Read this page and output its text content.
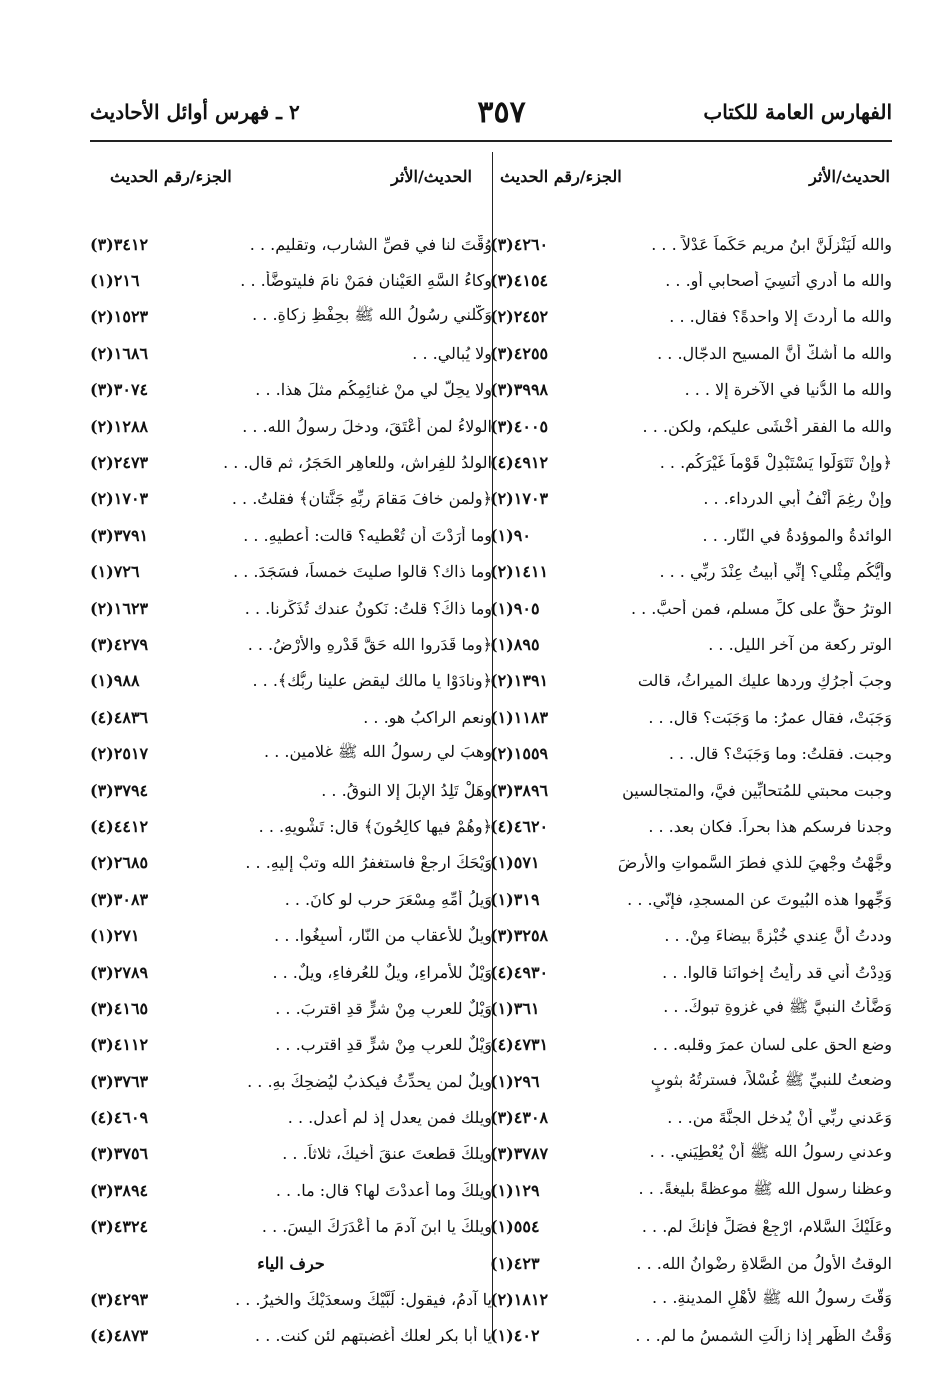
الفهارس العامة للكتاب
٣٥٧
٢ ـ فهرس أوائل الأحاديث
الحديث/الأثر
الجزء/رقم الحديث
والله لَيَنْزِلَنَّ ابنُ مريم حَكَماً عَدْلاً . . .
(٣)٤٢٦٠
والله ما أدري أنَسِيَ أصحابي أو. . .
(٣)٤١٥٤
والله ما أردتَ إلا واحدةً؟ فقال. . .
(٢)٢٤٥٢
والله ما أشكُّ أنَّ المسيح الدجّال. . .
(٣)٤٢٥٥
والله ما الدُّنيا في الآخرة إلا . . .
(٣)٣٩٩٨
والله ما الفقر أخْشَى عليكم، ولكن. . .
(٣)٤٠٠٥
﴿وإنْ تَتَوَلَّوا يَسْتَبْدِلْ قَوْماً غَيْرَكُم. . .
(٤)٤٩١٢
وإنْ رغِمَ أنْفُ أبي الدرداء. . .
(٢)١٧٠٣
الوائدةُ والموؤدةُ في النّار. . .
(١)٩٠
وأيُّكُم مِثْلي؟ إنِّي أبيتُ عِنْدَ ربِّي . . .
(٢)١٤١١
الوترُ حقٌّ على كلِّ مسلم، فمن أحبَّ. . .
(١)٩٠٥
الوتر ركعة من آخر الليل. . .
(١)٨٩٥
وجبَ أجرُكِ وردها عليك الميراثُ، قالت
(٢)١٣٩١
وَجَبَتْ، فقال عمرُ: ما وَجَبَت؟ قال. . .
(١)١١٨٣
وجبت. فقلتُ: وما وَجَبَتْ؟ قال. . .
(٢)١٥٥٩
وجبت محبتي للمُتحابِّين فيَّ، والمتجالسين
(٣)٣٨٩٦
وجدنا فرسكم هذا بحراً. فكان بعد. . .
(٤)٤٦٢٠
وجَّهْتُ وجْهِيَ للذي فطرَ السَّمواتِ والأرضَ
(١)٥٧١
وَجِّهوا هذه البُيوتَ عن المسجدِ، فإنّي. . .
(١)٣١٩
وددتُ أنَّ عِندي خُبْزةً بيضاءَ مِنْ. . .
(٣)٣٢٥٨
وَدِدْتُ أني قد رأيتُ إخوانَنا قالوا. . .
(٤)٤٩٣٠
وَضَّأْتُ النبيَّ ﷺ في غزوةِ تبوكَ. . .
(١)٣٦١
وضع الحق على لسانِ عمرَ وقلبه. . .
(٤)٤٧٣١
وضعتُ للنبيِّ ﷺ غُسْلاً، فسترتُهُ بثوبٍ
(١)٢٩٦
وَعَدني ربِّي أنْ يُدخل الجنَّةَ من. . .
(٣)٤٣٠٨
وعدني رسولُ الله ﷺ أنْ يُعْطِيَني. . .
(٣)٣٧٨٧
وعظنا رسول الله ﷺ موعظةً بليغةً. . .
(١)١٢٩
وعَلَيْكَ السَّلام، ارْجِعْ فصَلِّ فإنكَ لم. . .
(١)٥٥٤
الوقتُ الأولُ من الصَّلاةِ رِضْوانُ الله. . .
(١)٤٢٣
وَقَّتَ رسولُ الله ﷺ لأهْلِ المدينةِ. . .
(٢)١٨١٢
وَقْتُ الظُّهرِ إذا زالَتِ الشمسُ ما لم. . .
(١)٤٠٢
الحديث/الأثر
الجزء/رقم الحديث
وُقِّتَ لنا في قصِّ الشارب، وتقليمِ. . .
(٣)٣٤١٢
وكاءُ السَّهِ العَيْنان فمَنْ نامَ فليتوضَّأ. . .
(١)٢١٦
وَكَّلني رسُولُ الله ﷺ بحِفْظِ زكاةِ. . .
(٢)١٥٢٣
ولا يُبالي. . .
(٢)١٦٨٦
ولا يحِلُّ لي منْ غنائِمِكُم مثلَ هذا. . .
(٣)٣٠٧٤
الولاءُ لمن أعْتَقَ، ودخلَ رسولُ الله. . .
(٢)١٢٨٨
الولدُ للفِراشِ، وللعاهِرِ الحَجَرُ، ثم قال. . .
(٢)٢٤٧٣
﴿ولمن خافَ مَقامَ ربِّهِ جَنَّتانِ﴾ فقلتُ. . .
(٢)١٧٠٣
وما أرَدْتَ أن تُعْطيه؟ قالت: أُعطيهِ. . .
(٣)٣٧٩١
وما ذاك؟ قالوا صليتَ خمساً، فسَجَدَ. . .
(١)٧٢٦
وما ذاكَ؟ قلتُ: نَكونُ عندك تُذَكِّرنا. . .
(٢)١٦٢٣
﴿وما قَدَروا الله حَقَّ قَدْرِهِ والأرْضُ. . .
(٣)٤٢٧٩
﴿ونادَوْا يا مالك ليقضِ علينا ربُّك﴾. . .
(١)٩٨٨
ونعم الراكبُ هو. . .
(٤)٤٨٣٦
وهبَ لي رسولُ الله ﷺ غلامين. . .
(٢)٢٥١٧
وهَلْ تَلِدُ الإبلَ إلا النوقُ. . .
(٣)٣٧٩٤
﴿وهُمْ فيها كالِحُونَ﴾ قال: تَشْويهِ. . .
(٤)٤٤١٢
وَيْحَكَ ارجعْ فاستغفرُ الله وتبْ إليهِ. . .
(٢)٢٦٨٥
وَيلُ أُمِّهِ مِسْعَرَ حرب لو كانَ. . .
(٣)٣٠٨٣
ويلٌ للأعقابِ من النّارِ، أسبِغُوا. . .
(١)٢٧١
وَيْلٌ للأمراءِ، ويلٌ للعُرفاءِ، ويلٌ. . .
(٣)٢٧٨٩
وَيْلٌ للعربِ مِنْ شرٍّ قدِ اقتربَ. . .
(٣)٤١٦٥
وَيْلٌ للعربِ مِنْ شرٍّ قدِ اقترب. . .
(٣)٤١١٢
ويلٌ لمن يحدِّثُ فيكذبُ ليُضحِكَ بهِ. . .
(٣)٣٧٦٣
ويلك فمن يعدل إذ لم أعدل. . .
(٤)٤٦٠٩
ويلكَ قطعتَ عنقَ أخيكَ، ثلاثاً. . .
(٣)٣٧٥٦
ويلكَ وما أعددْتَ لها؟ قال: ما. . .
(٣)٣٨٩٤
ويلكَ يا ابنَ آدمَ ما أعْدَرَكَ اليسَ. . .
(٣)٤٣٢٤
حرف الياء
يا آدمُ، فيقول: لَبَّيْكَ وسعدَيْكَ والخيرُ. . .
(٣)٤٢٩٣
يا أبا بكر لعلك أغضبتهم لئن كنت. . .
(٤)٤٨٧٣
